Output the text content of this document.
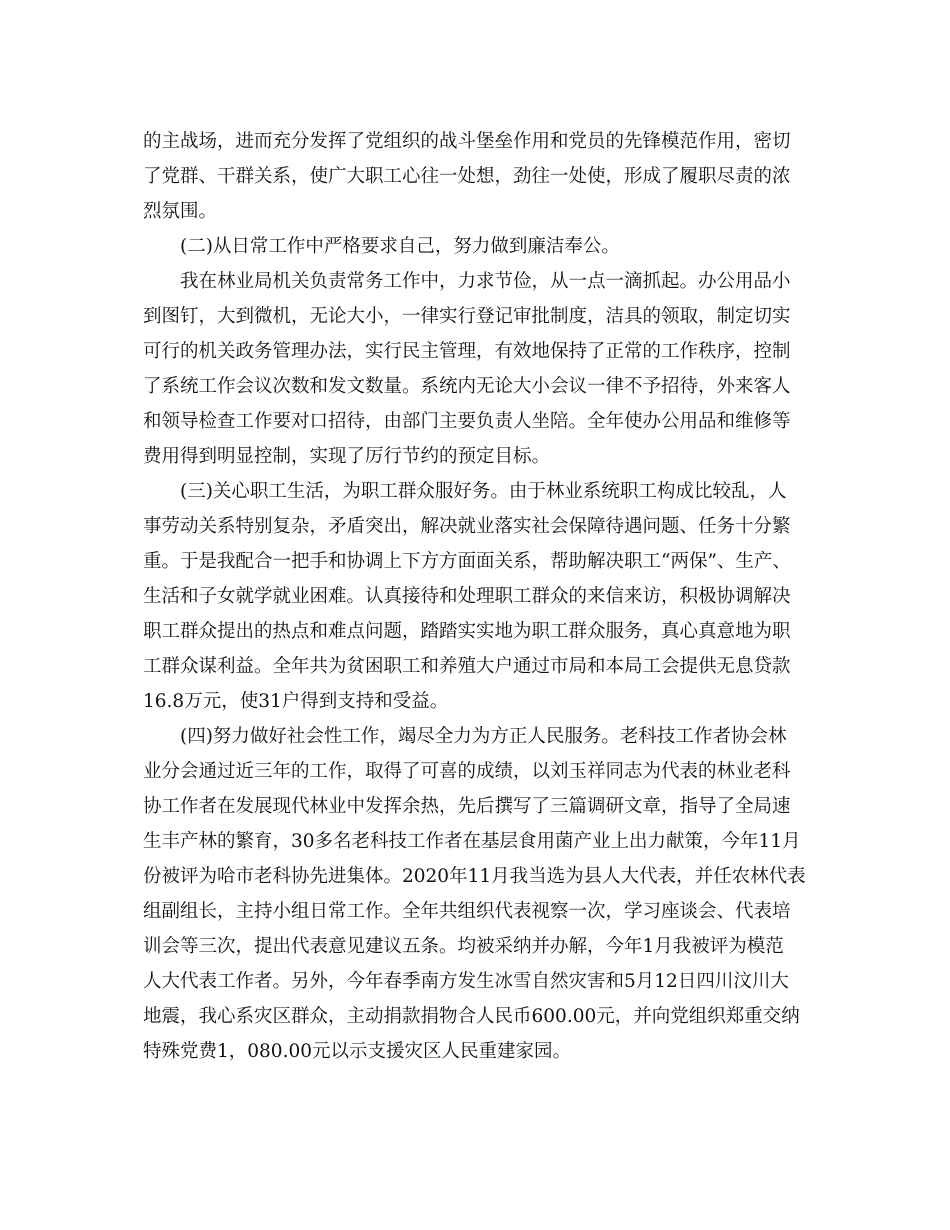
的主战场，进而充分发挥了党组织的战斗堡垒作用和党员的先锋模范作用，密切

了党群、干群关系，使广大职工心往一处想，劲往一处使，形成了履职尽责的浓

烈氛围。

(二)从日常工作中严格要求自己，努力做到廉洁奉公。

我在林业局机关负责常务工作中，力求节俭，从一点一滴抓起。办公用品小

到图钉，大到微机，无论大小，一律实行登记审批制度，洁具的领取，制定切实

可行的机关政务管理办法，实行民主管理，有效地保持了正常的工作秩序，控制

了系统工作会议次数和发文数量。系统内无论大小会议一律不予招待，外来客人

和领导检查工作要对口招待，由部门主要负责人坐陪。全年使办公用品和维修等

费用得到明显控制，实现了厉行节约的预定目标。

(三)关心职工生活，为职工群众服好务。由于林业系统职工构成比较乱，人

事劳动关系特别复杂，矛盾突出，解决就业落实社会保障待遇问题、任务十分繁

重。于是我配合一把手和协调上下方方面面关系，帮助解决职工“两保”、生产、

生活和子女就学就业困难。认真接待和处理职工群众的来信来访，积极协调解决

职工群众提出的热点和难点问题，踏踏实实地为职工群众服务，真心真意地为职

工群众谋利益。全年共为贫困职工和养殖大户通过市局和本局工会提供无息贷款

16.8万元，使31户得到支持和受益。

(四)努力做好社会性工作，竭尽全力为方正人民服务。老科技工作者协会林

业分会通过近三年的工作，取得了可喜的成绩，以刘玉祥同志为代表的林业老科

协工作者在发展现代林业中发挥余热，先后撰写了三篇调研文章，指导了全局速

生丰产林的繁育，30多名老科技工作者在基层食用菌产业上出力献策，今年11月

份被评为哈市老科协先进集体。2020年11月我当选为县人大代表，并任农林代表

组副组长，主持小组日常工作。全年共组织代表视察一次，学习座谈会、代表培

训会等三次，提出代表意见建议五条。均被采纳并办解，今年1月我被评为模范

人大代表工作者。另外，今年春季南方发生冰雪自然灾害和5月12日四川汶川大

地震，我心系灾区群众，主动捐款捐物合人民币600.00元，并向党组织郑重交纳

特殊党费1，080.00元以示支援灾区人民重建家园。
